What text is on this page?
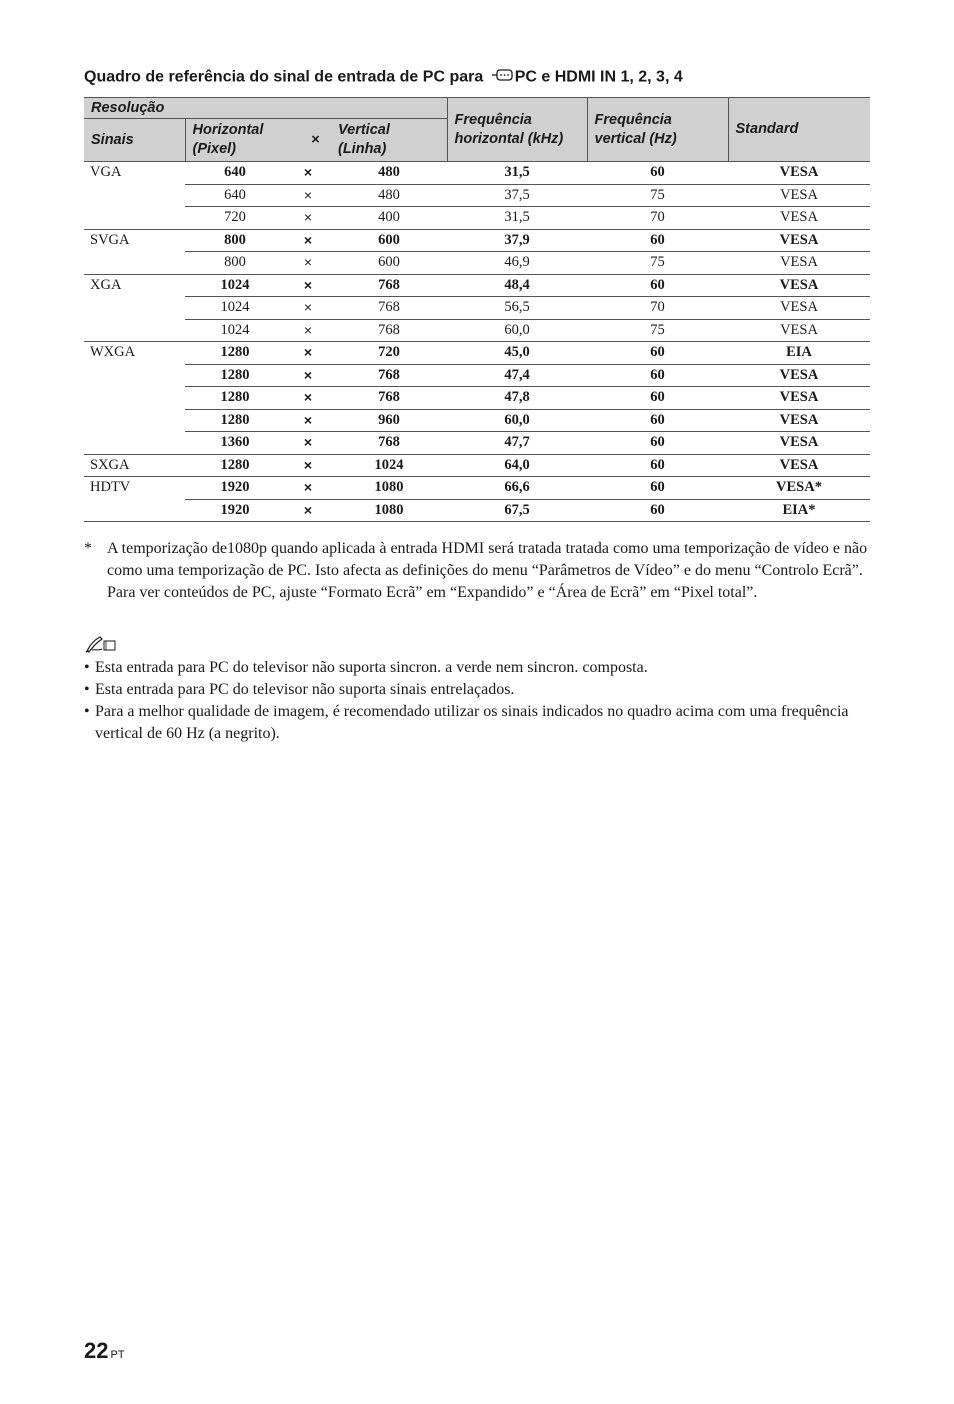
Quadro de referência do sinal de entrada de PC para PC e HDMI IN 1, 2, 3, 4
Resolução				Frequência horizontal (kHz)	Frequência vertical (Hz)	Standard
Sinais	Horizontal (Pixel)	×	Vertical (Linha)			
VGA	640	×	480	31,5	60	VESA
	640	×	480	37,5	75	VESA
	720	×	400	31,5	70	VESA
SVGA	800	×	600	37,9	60	VESA
	800	×	600	46,9	75	VESA
XGA	1024	×	768	48,4	60	VESA
	1024	×	768	56,5	70	VESA
	1024	×	768	60,0	75	VESA
WXGA	1280	×	720	45,0	60	EIA
	1280	×	768	47,4	60	VESA
	1280	×	768	47,8	60	VESA
	1280	×	960	60,0	60	VESA
	1360	×	768	47,7	60	VESA
SXGA	1280	×	1024	64,0	60	VESA
HDTV	1920	×	1080	66,6	60	VESA*
	1920	×	1080	67,5	60	EIA*
* A temporização de1080p quando aplicada à entrada HDMI será tratada tratada como uma temporização de vídeo e não como uma temporização de PC. Isto afecta as definições do menu “Parâmetros de Vídeo” e do menu “Controlo Ecrã”.

Para ver conteúdos de PC, ajuste “Formato Ecrã” em “Expandido” e “Área de Ecrã” em “Pixel total”.

• Esta entrada para PC do televisor não suporta sincron. a verde nem sincron. composta.
• Esta entrada para PC do televisor não suporta sinais entrelaçados.
• Para a melhor qualidade de imagem, é recomendado utilizar os sinais indicados no quadro acima com uma frequência vertical de 60 Hz (a negrito).
22 PT
